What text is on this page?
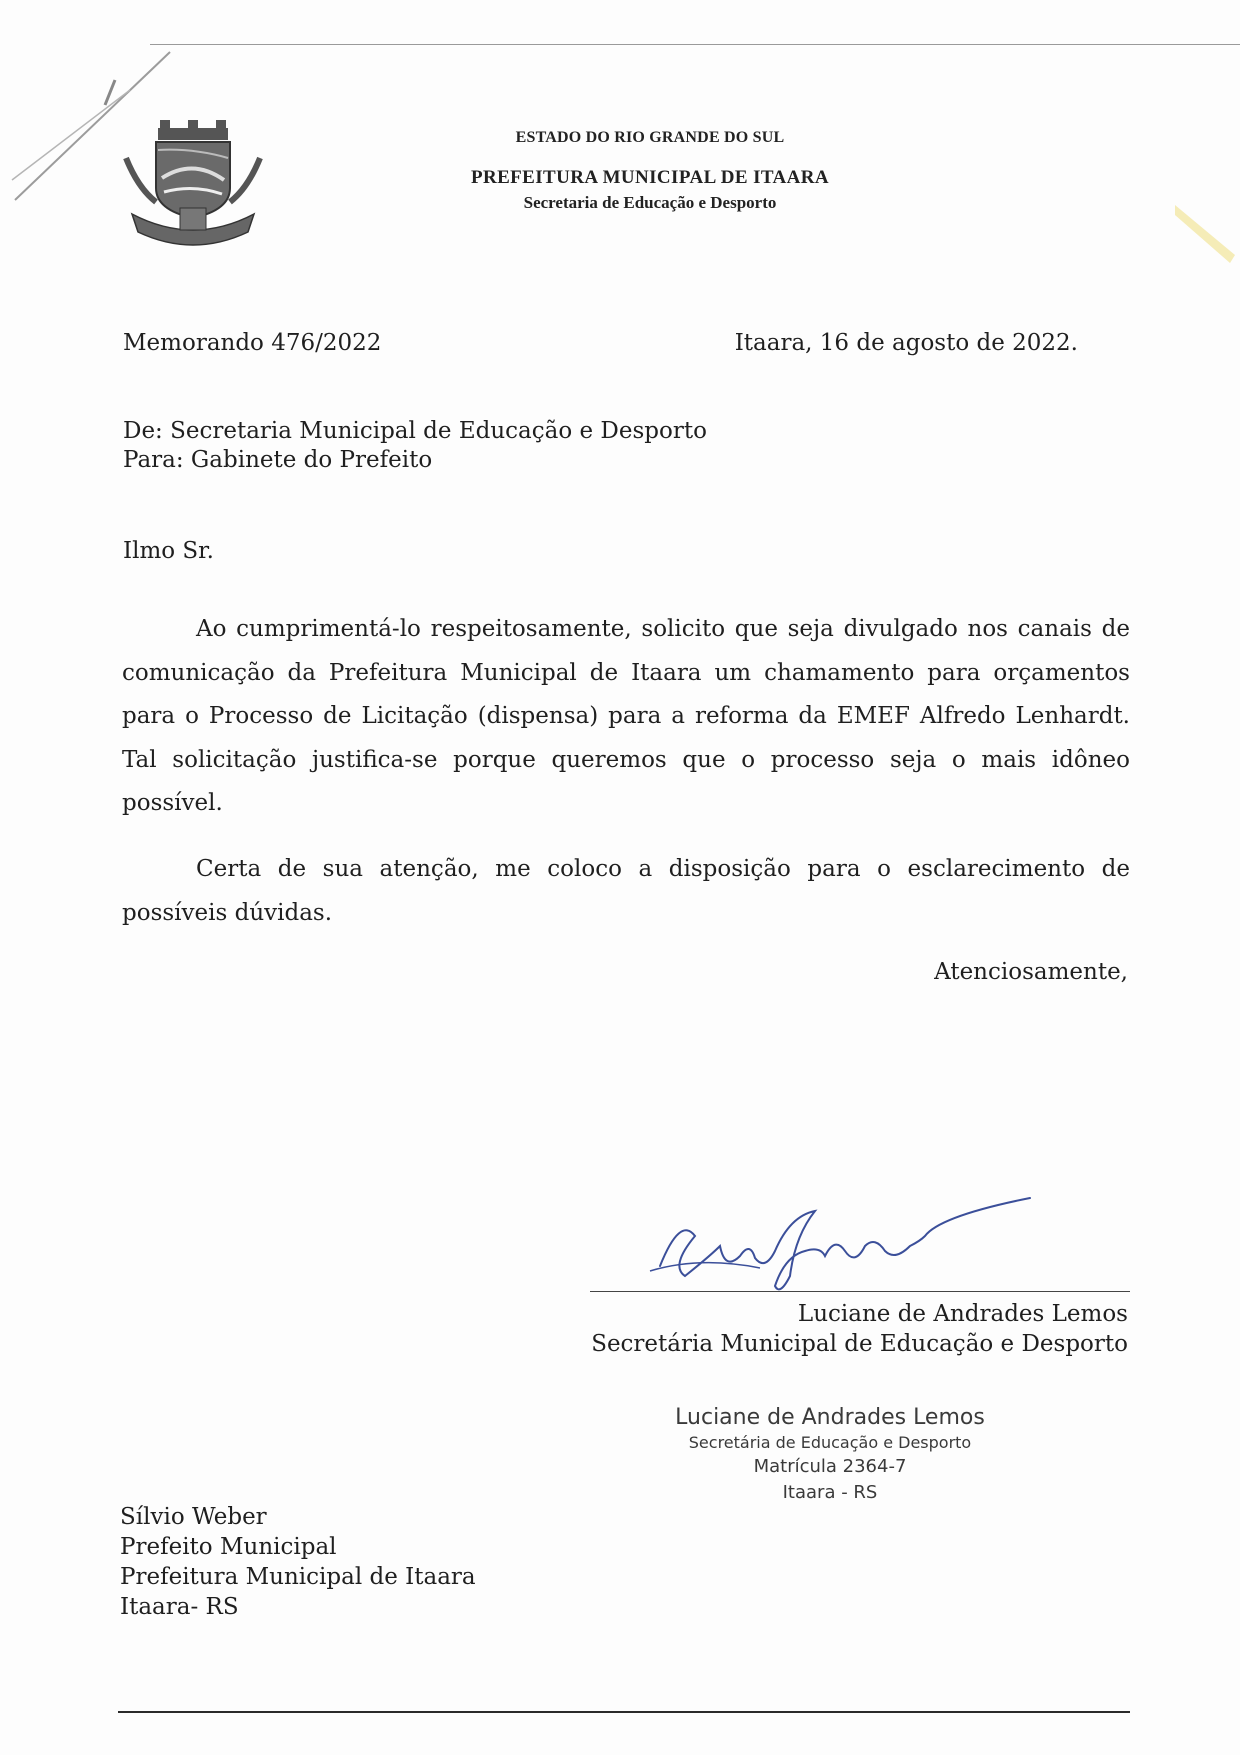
ESTADO DO RIO GRANDE DO SUL
PREFEITURA MUNICIPAL DE ITAARA
Secretaria de Educação e Desporto
Memorando 476/2022	Itaara, 16 de agosto de 2022.
De: Secretaria Municipal de Educação e Desporto
Para: Gabinete do Prefeito
Ilmo Sr.
Ao cumprimentá-lo respeitosamente, solicito que seja divulgado nos canais de comunicação da Prefeitura Municipal de Itaara um chamamento para orçamentos para o Processo de Licitação (dispensa) para a reforma da EMEF Alfredo Lenhardt. Tal solicitação justifica-se porque queremos que o processo seja o mais idôneo possível.
Certa de sua atenção, me coloco a disposição para o esclarecimento de possíveis dúvidas.
Atenciosamente,
Luciane de Andrades Lemos
Secretária Municipal de Educação e Desporto
Luciane de Andrades Lemos
Secretária de Educação e Desporto
Matrícula 2364-7
Itaara - RS
Sílvio Weber
Prefeito Municipal
Prefeitura Municipal de Itaara
Itaara- RS
